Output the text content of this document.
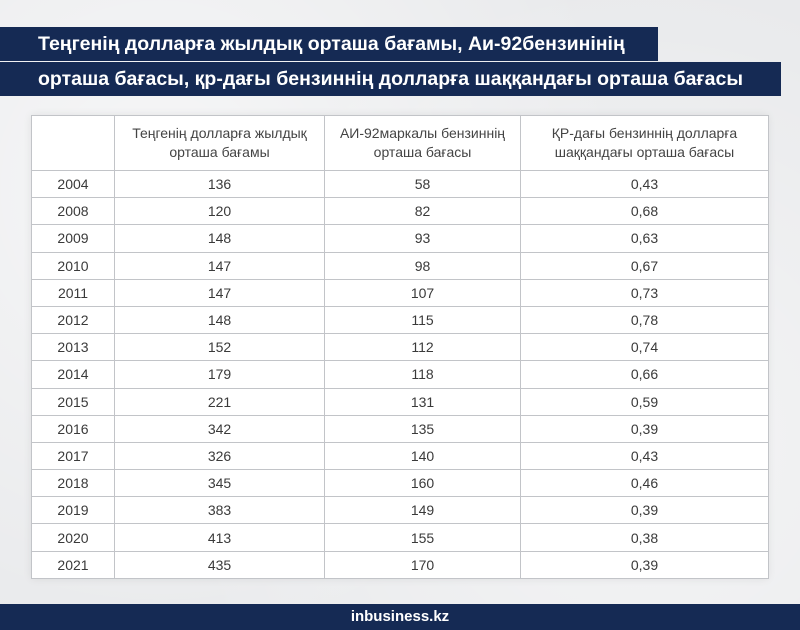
Теңгенің долларға жылдық орташа бағамы, Аи-92бензинінің
орташа бағасы, қр-дағы бензиннің долларға шаққандағы орташа бағасы
	Теңгенің долларға жылдық орташа бағамы	АИ-92маркалы бензиннің орташа бағасы	ҚР-дағы бензиннің долларға шаққандағы орташа бағасы
2004	136	58	0,43
2008	120	82	0,68
2009	148	93	0,63
2010	147	98	0,67
2011	147	107	0,73
2012	148	115	0,78
2013	152	112	0,74
2014	179	118	0,66
2015	221	131	0,59
2016	342	135	0,39
2017	326	140	0,43
2018	345	160	0,46
2019	383	149	0,39
2020	413	155	0,38
2021	435	170	0,39
inbusiness.kz
